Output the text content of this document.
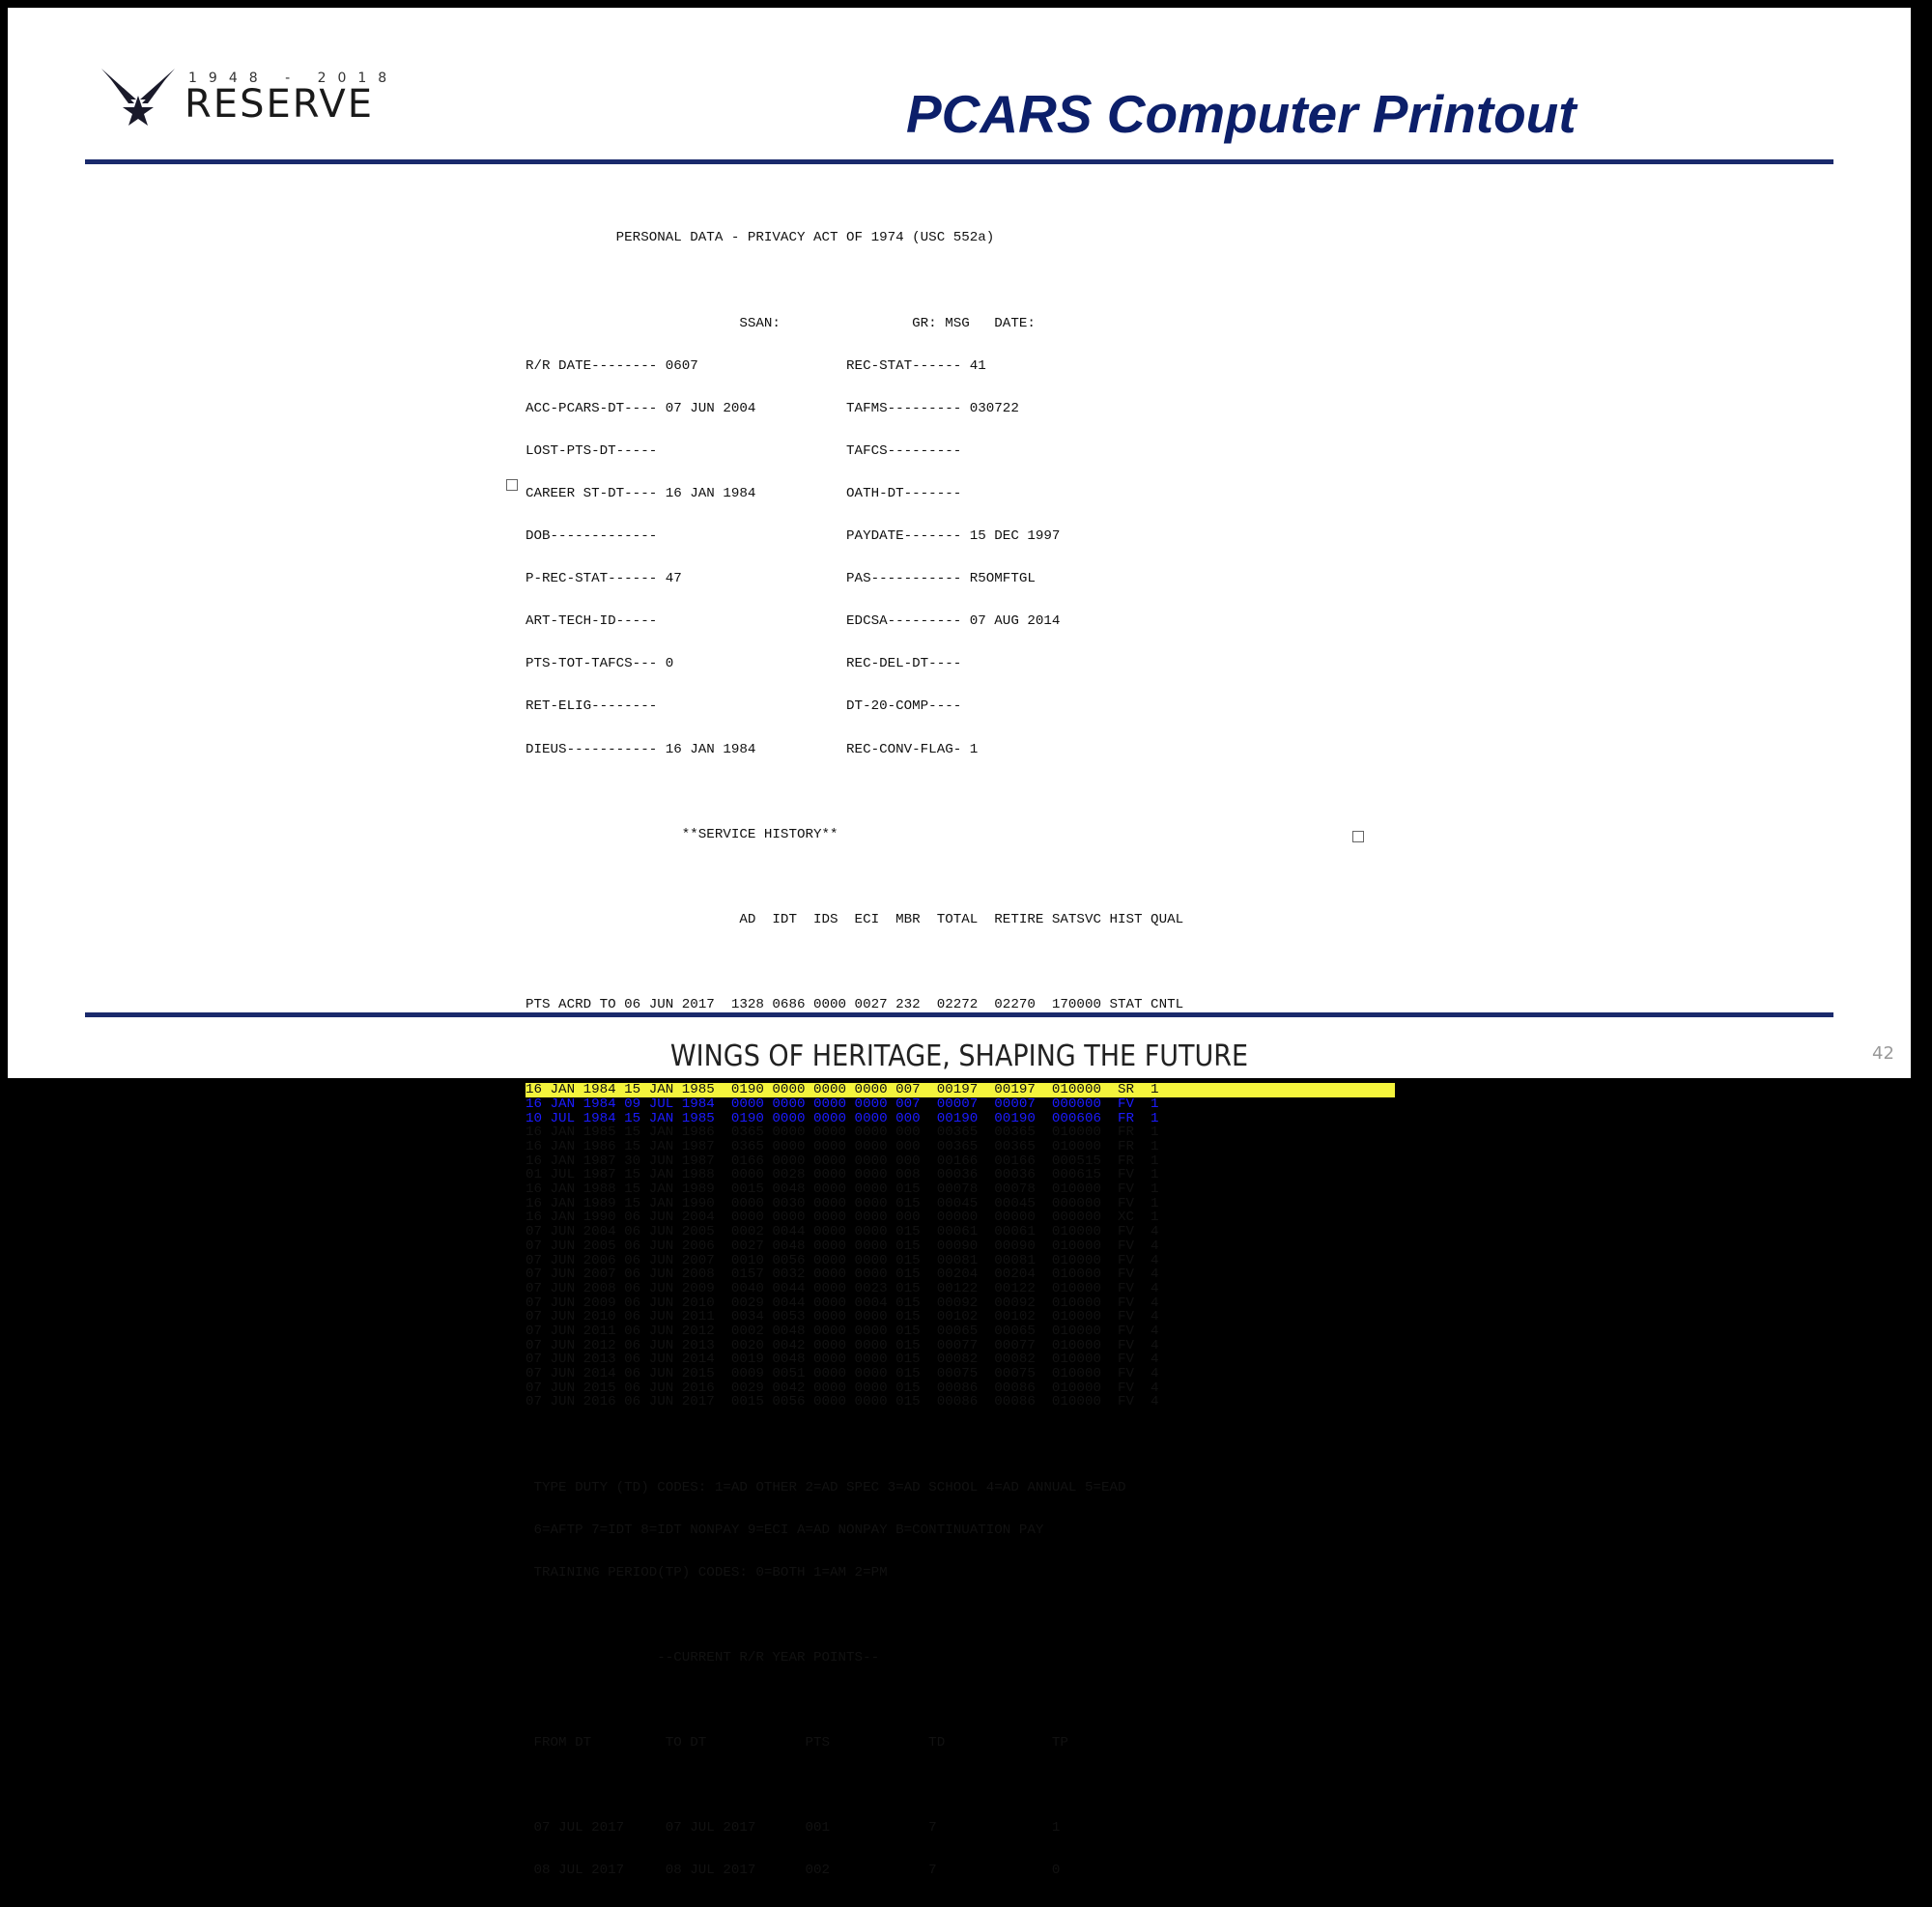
1948 - 2018
RESERVE	PCARS Computer Printout

PERSONAL DATA - PRIVACY ACT OF 1974 (USC 552a)

SSAN:                GR: MSG   DATE:

R/R DATE-------- 0607                  REC-STAT------ 41

ACC-PCARS-DT---- 07 JUN 2004           TAFMS--------- 030722

LOST-PTS-DT-----                       TAFCS---------

CAREER ST-DT---- 16 JAN 1984           OATH-DT-------

DOB-------------                       PAYDATE------- 15 DEC 1997

P-REC-STAT------ 47                    PAS----------- R5OMFTGL

ART-TECH-ID-----                       EDCSA--------- 07 AUG 2014

PTS-TOT-TAFCS--- 0                     REC-DEL-DT----

RET-ELIG--------                       DT-20-COMP----

DIEUS----------- 16 JAN 1984           REC-CONV-FLAG- 1

**SERVICE HISTORY**

AD  IDT  IDS  ECI  MBR  TOTAL  RETIRE SATSVC HIST QUAL

PTS ACRD TO 06 JUN 2017  1328 0686 0000 0027 232  02272  02270  170000 STAT CNTL

16 JAN 1984 15 JAN 1985  0190 0000 0000 0000 007  00197  00197  010000  SR  1
16 JAN 1984 09 JUL 1984  0000 0000 0000 0000 007  00007  00007  000000  FV  1
10 JUL 1984 15 JAN 1985  0190 0000 0000 0000 000  00190  00190  000606  FR  1
16 JAN 1985 15 JAN 1986  0365 0000 0000 0000 000  00365  00365  010000  FR  1
16 JAN 1986 15 JAN 1987  0365 0000 0000 0000 000  00365  00365  010000  FR  1
16 JAN 1987 30 JUN 1987  0166 0000 0000 0000 000  00166  00166  000515  FR  1
01 JUL 1987 15 JAN 1988  0000 0028 0000 0000 008  00036  00036  000615  FV  1
16 JAN 1988 15 JAN 1989  0015 0048 0000 0000 015  00078  00078  010000  FV  1
16 JAN 1989 15 JAN 1990  0000 0030 0000 0000 015  00045  00045  000000  FV  1
16 JAN 1990 06 JUN 2004  0000 0000 0000 0000 000  00000  00000  000000  XC  1
07 JUN 2004 06 JUN 2005  0002 0044 0000 0000 015  00061  00061  010000  FV  4
07 JUN 2005 06 JUN 2006  0027 0048 0000 0000 015  00090  00090  010000  FV  4
07 JUN 2006 06 JUN 2007  0010 0056 0000 0000 015  00081  00081  010000  FV  4
07 JUN 2007 06 JUN 2008  0157 0032 0000 0000 015  00204  00204  010000  FV  4
07 JUN 2008 06 JUN 2009  0040 0044 0000 0023 015  00122  00122  010000  FV  4
07 JUN 2009 06 JUN 2010  0029 0044 0000 0004 015  00092  00092  010000  FV  4
07 JUN 2010 06 JUN 2011  0034 0053 0000 0000 015  00102  00102  010000  FV  4
07 JUN 2011 06 JUN 2012  0002 0048 0000 0000 015  00065  00065  010000  FV  4
07 JUN 2012 06 JUN 2013  0020 0042 0000 0000 015  00077  00077  010000  FV  4
07 JUN 2013 06 JUN 2014  0019 0048 0000 0000 015  00082  00082  010000  FV  4
07 JUN 2014 06 JUN 2015  0009 0051 0000 0000 015  00075  00075  010000  FV  4
07 JUN 2015 06 JUN 2016  0029 0042 0000 0000 015  00086  00086  010000  FV  4
07 JUN 2016 06 JUN 2017  0015 0056 0000 0000 015  00086  00086  010000  FV  4

TYPE DUTY (TD) CODES: 1=AD OTHER 2=AD SPEC 3=AD SCHOOL 4=AD ANNUAL 5=EAD

6=AFTP 7=IDT 8=IDT NONPAY 9=ECI A=AD NONPAY B=CONTINUATION PAY

TRAINING PERIOD(TP) CODES: 0=BOTH 1=AM 2=PM

--CURRENT R/R YEAR POINTS--

FROM DT         TO DT            PTS            TD             TP

07 JUL 2017     07 JUL 2017      001            7              1

08 JUL 2017     08 JUL 2017      002            7              0

WINGS OF HERITAGE, SHAPING THE FUTURE	42
